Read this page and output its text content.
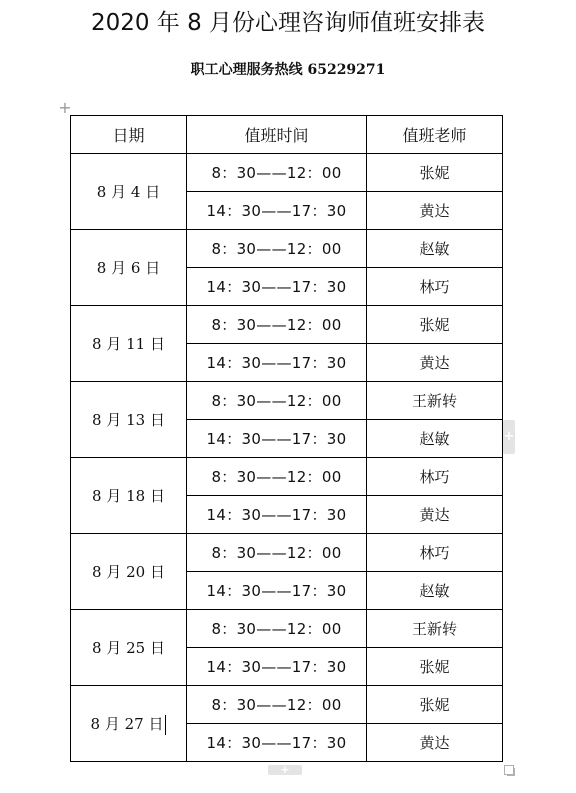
2020 年 8 月份心理咨询师值班安排表
职工心理服务热线 65229271
+
日期	值班时间	值班老师
8 月 4 日	8：30——12：00	张妮
	14：30——17：30	黄达
8 月 6 日	8：30——12：00	赵敏
	14：30——17：30	林巧
8 月 11 日	8：30——12：00	张妮
	14：30——17：30	黄达
8 月 13 日	8：30——12：00	王新转
	14：30——17：30	赵敏
8 月 18 日	8：30——12：00	林巧
	14：30——17：30	黄达
8 月 20 日	8：30——12：00	林巧
	14：30——17：30	赵敏
8 月 25 日	8：30——12：00	王新转
	14：30——17：30	张妮
8 月 27 日	8：30——12：00	张妮
	14：30——17：30	黄达
+
+
